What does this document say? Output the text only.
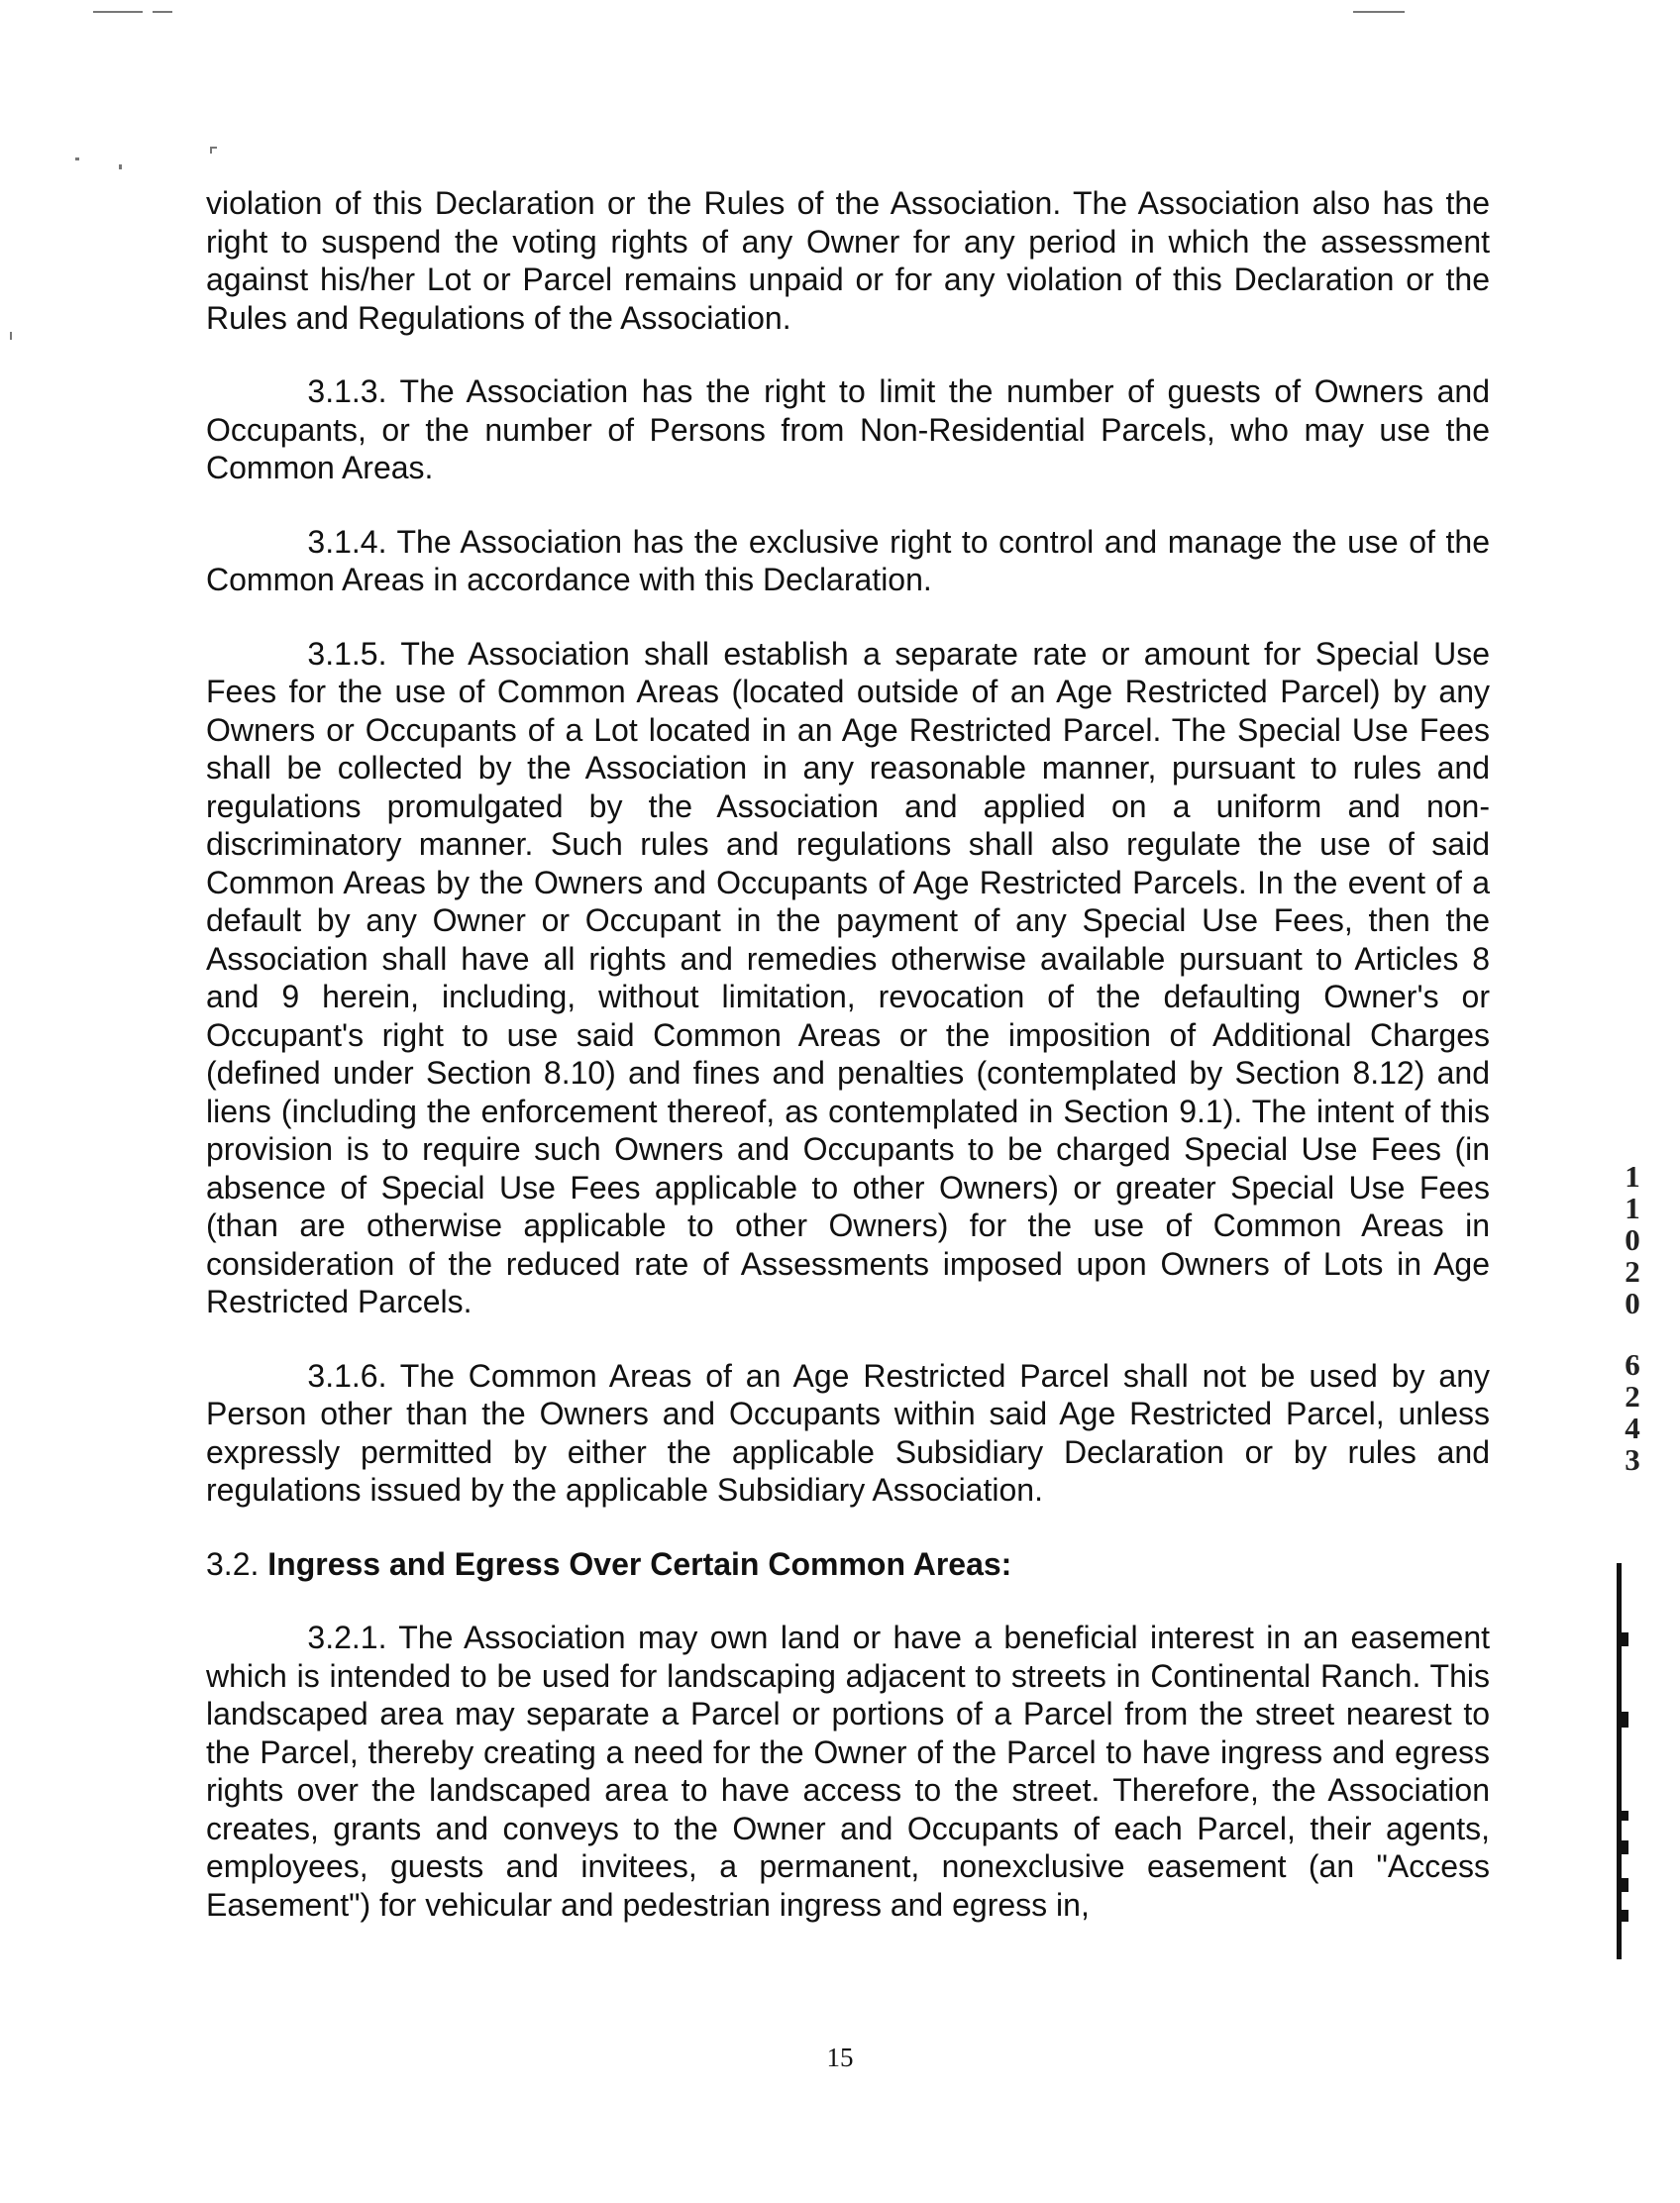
violation of this Declaration or the Rules of the Association. The Association also has the right to suspend the voting rights of any Owner for any period in which the assessment against his/her Lot or Parcel remains unpaid or for any violation of this Declaration or the Rules and Regulations of the Association.

3.1.3. The Association has the right to limit the number of guests of Owners and Occupants, or the number of Persons from Non-Residential Parcels, who may use the Common Areas.

3.1.4. The Association has the exclusive right to control and manage the use of the Common Areas in accordance with this Declaration.

3.1.5. The Association shall establish a separate rate or amount for Special Use Fees for the use of Common Areas (located outside of an Age Restricted Parcel) by any Owners or Occupants of a Lot located in an Age Restricted Parcel. The Special Use Fees shall be collected by the Association in any reasonable manner, pursuant to rules and regulations promulgated by the Association and applied on a uniform and non-discriminatory manner. Such rules and regulations shall also regulate the use of said Common Areas by the Owners and Occupants of Age Restricted Parcels. In the event of a default by any Owner or Occupant in the payment of any Special Use Fees, then the Association shall have all rights and remedies otherwise available pursuant to Articles 8 and 9 herein, including, without limitation, revocation of the defaulting Owner's or Occupant's right to use said Common Areas or the imposition of Additional Charges (defined under Section 8.10) and fines and penalties (contemplated by Section 8.12) and liens (including the enforcement thereof, as contemplated in Section 9.1). The intent of this provision is to require such Owners and Occupants to be charged Special Use Fees (in absence of Special Use Fees applicable to other Owners) or greater Special Use Fees (than are otherwise applicable to other Owners) for the use of Common Areas in consideration of the reduced rate of Assessments imposed upon Owners of Lots in Age Restricted Parcels.

3.1.6. The Common Areas of an Age Restricted Parcel shall not be used by any Person other than the Owners and Occupants within said Age Restricted Parcel, unless expressly permitted by either the applicable Subsidiary Declaration or by rules and regulations issued by the applicable Subsidiary Association.

3.2. Ingress and Egress Over Certain Common Areas:

3.2.1. The Association may own land or have a beneficial interest in an easement which is intended to be used for landscaping adjacent to streets in Continental Ranch. This landscaped area may separate a Parcel or portions of a Parcel from the street nearest to the Parcel, thereby creating a need for the Owner of the Parcel to have ingress and egress rights over the landscaped area to have access to the street. Therefore, the Association creates, grants and conveys to the Owner and Occupants of each Parcel, their agents, employees, guests and invitees, a permanent, nonexclusive easement (an "Access Easement") for vehicular and pedestrian ingress and egress in,

1
1
0
2
0
6
2
4
3
15
